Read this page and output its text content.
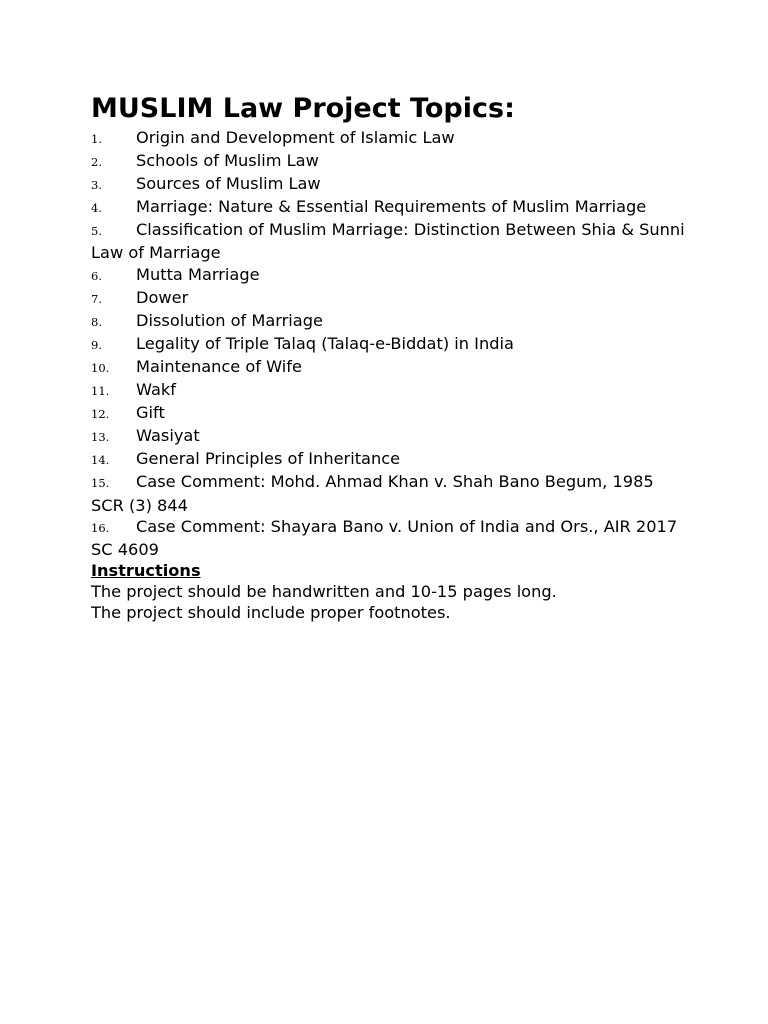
MUSLIM Law Project Topics:
1. Origin and Development of Islamic Law
2. Schools of Muslim Law
3. Sources of Muslim Law
4. Marriage: Nature & Essential Requirements of Muslim Marriage
5. Classification of Muslim Marriage: Distinction Between Shia & Sunni Law of Marriage
6. Mutta Marriage
7. Dower
8. Dissolution of Marriage
9. Legality of Triple Talaq (Talaq-e-Biddat) in India
10. Maintenance of Wife
11. Wakf
12. Gift
13. Wasiyat
14. General Principles of Inheritance
15. Case Comment: Mohd. Ahmad Khan v. Shah Bano Begum, 1985 SCR (3) 844
16. Case Comment: Shayara Bano v. Union of India and Ors., AIR 2017 SC 4609
Instructions
The project should be handwritten and 10-15 pages long.
The project should include proper footnotes.
